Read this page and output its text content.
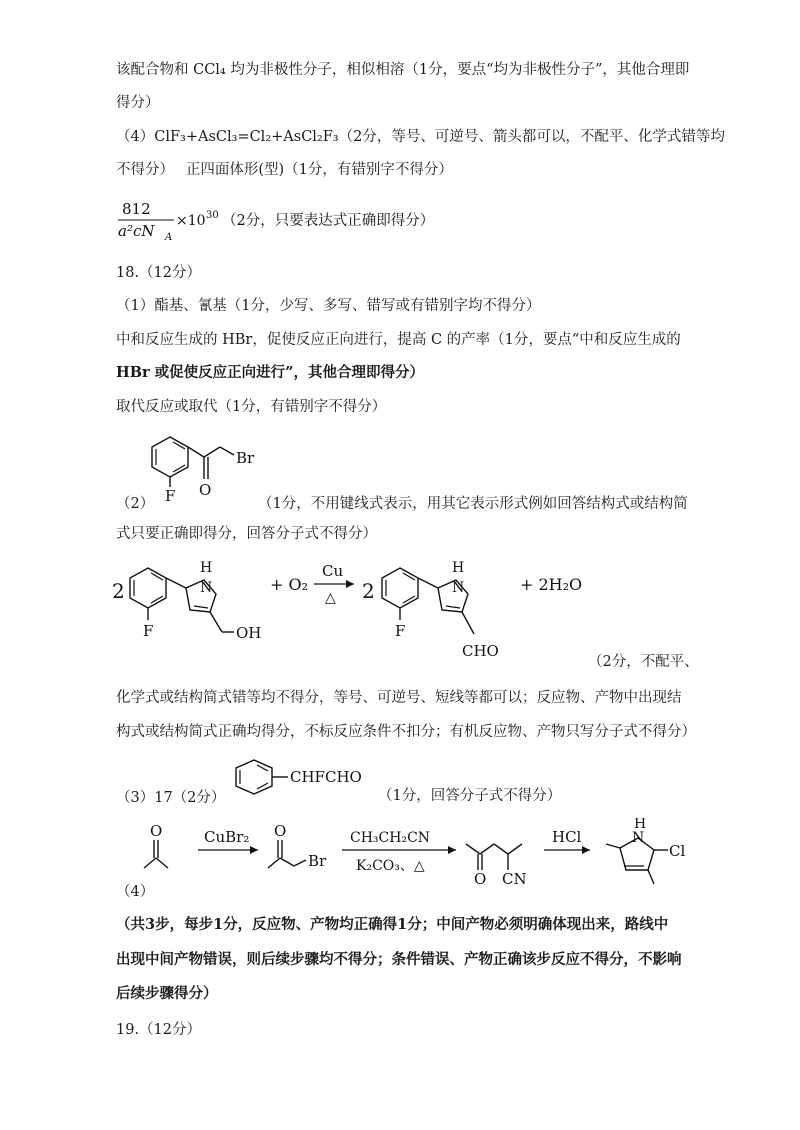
该配合物和 CCl₄ 均为非极性分子，相似相溶（1分，要点“均为非极性分子”，其他合理即
得分）
（4）ClF₃+AsCl₃=Cl₂+AsCl₂F₃（2分，等号、可逆号、箭头都可以，不配平、化学式错等均
不得分）　 正四面体形(型)（1分，有错别字不得分）
812
a²cN A
×10 30 （2分，只要表达式正确即得分）
18.（12分）
（1）酯基、氰基（1分，少写、多写、错写或有错别字均不得分）
中和反应生成的 HBr，促使反应正向进行，提高 C 的产率（1分，要点“中和反应生成的
HBr 或促使反应正向进行”，其他合理即得分）
取代反应或取代（1分，有错别字不得分）
F O
Br
（2）	（1分，不用键线式表示，用其它表示形式例如回答结构式或结构简
式只要正确即得分，回答分子式不得分）
2
F
H
N
OH
+ O₂
Cu
△ 2
F
H
N
CHO
+ 2H₂O
（2分，不配平、
化学式或结构简式错等均不得分，等号、可逆号、短线等都可以；反应物、产物中出现结
构式或结构简式正确均得分，不标反应条件不扣分；有机反应物、产物只写分子式不得分）
（3）17（2分）
CHFCHO
（1分，回答分子式不得分）
O	CuBr₂ O
Br
CH₃CH₂CN
K₂CO₃、△
O CN
HCl
H
N
Cl
（4）
（共3步，每步1分，反应物、产物均正确得1分；中间产物必须明确体现出来，路线中
出现中间产物错误，则后续步骤均不得分；条件错误、产物正确该步反应不得分，不影响
后续步骤得分）
19.（12分）
